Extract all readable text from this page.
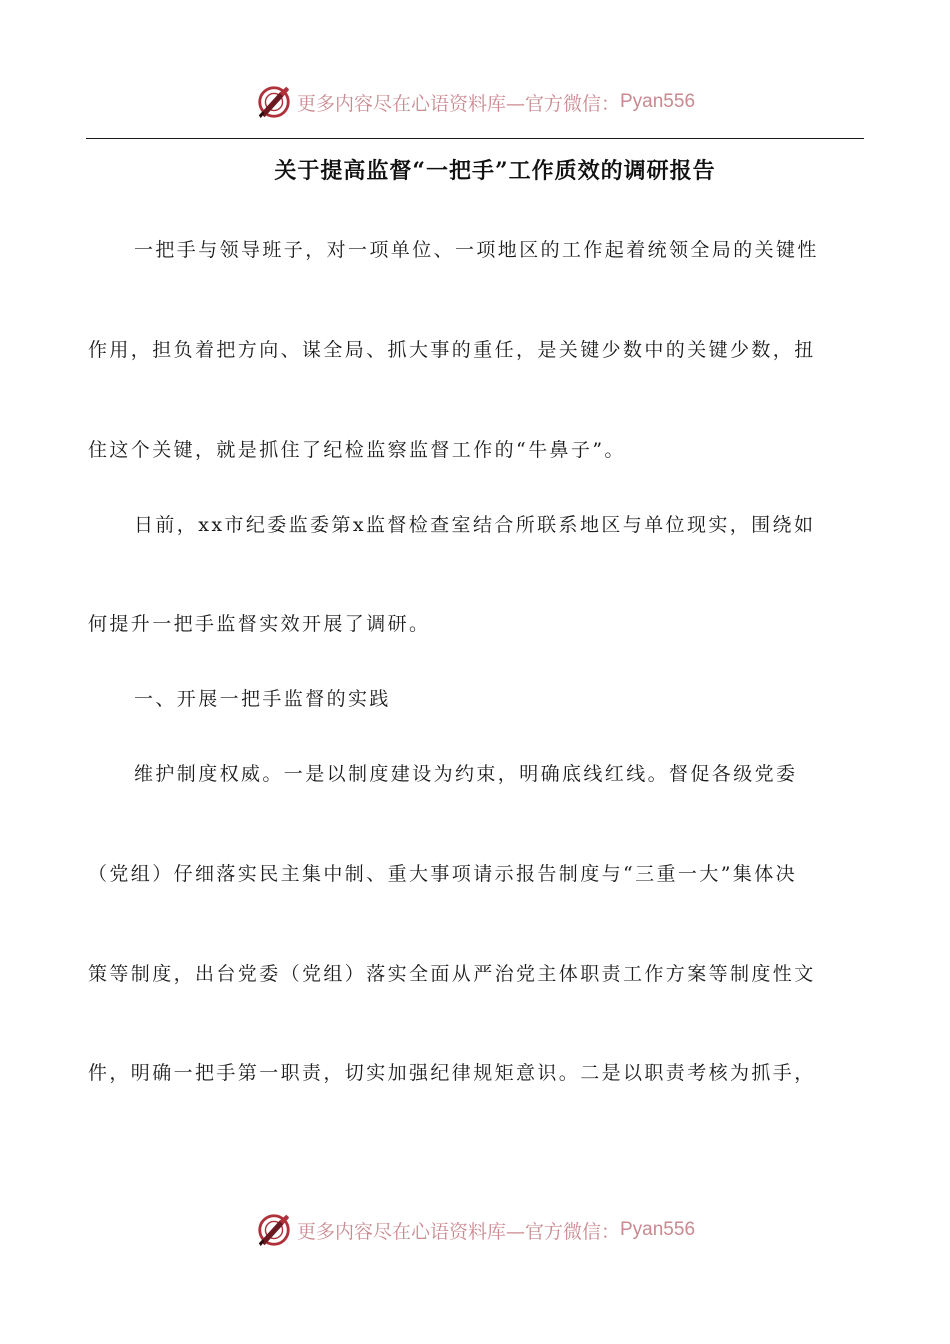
更多内容尽在心语资料库—官方微信： Pyan556
关于提高监督“一把手”工作质效的调研报告
一把手与领导班子，对一项单位、一项地区的工作起着统领全局的关键性
作用，担负着把方向、谋全局、抓大事的重任，是关键少数中的关键少数，扭
住这个关键，就是抓住了纪检监察监督工作的“牛鼻子”。
日前，xx市纪委监委第x监督检查室结合所联系地区与单位现实，围绕如
何提升一把手监督实效开展了调研。
一、开展一把手监督的实践
维护制度权威。一是以制度建设为约束，明确底线红线。督促各级党委
（党组）仔细落实民主集中制、重大事项请示报告制度与“三重一大”集体决
策等制度，出台党委（党组）落实全面从严治党主体职责工作方案等制度性文
件，明确一把手第一职责，切实加强纪律规矩意识。二是以职责考核为抓手，
更多内容尽在心语资料库—官方微信： Pyan556
